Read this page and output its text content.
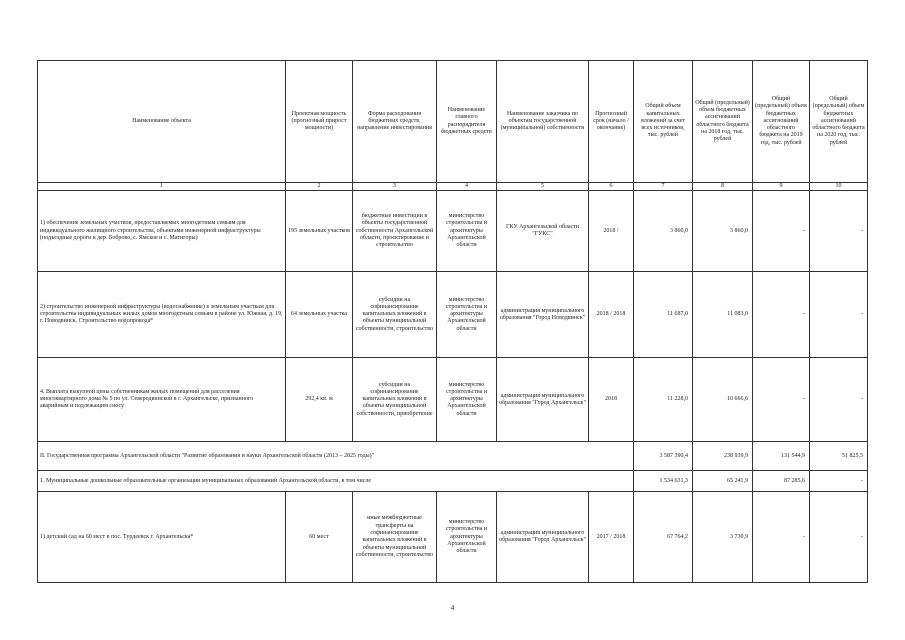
Наименование объекта	Проектная мощность (прогнозный прирост мощности)	Форма расходования бюджетных средств, направление инвестирования	Наименование главного распорядителя бюджетных средств	Наименование заказчика по объектам государственной (муниципальной) собственности	Прогнозный срок (начало / окончание)	Общий объем капитальных вложений за счет всех источников, тыс. рублей	Общий (предельный) объем бюджетных ассигнований областного бюджета на 2018 год, тыс. рублей	Общий (предельный) объем бюджетных ассигнований областного бюджета на 2019 год, тыс. рублей	Общий (предельный) объем бюджетных ассигнований областного бюджета на 2020 год, тыс. рублей
1	2	3	4	5	6	7	8	9	10
1) обеспечение земельных участков, предоставляемых многодетным семьям для индивидуального жилищного строительства, объектами инженерной инфраструктуры (подъездные дороги в дер. Боброво, с. Ямское и с. Матигоры)	195 земельных участков	бюджетные инвестиции в объекты государственной собственности Архангельской области, проектирование и строительство	министерство строительства и архитектуры Архангельской области	ГКУ Архангельской области "ГУКС"	2018 /	3 860,0	3 860,0	-	-
2) строительство инженерной инфраструктуры (водоснабжение) к земельным участкам для строительства индивидуальных жилых домов многодетным семьям в районе ул. Южная, д. 19, г. Новодвинск. Строительство водопровода*	64 земельных участка	субсидии на софинансирование капитальных вложений в объекты муниципальной собственности, строительство	министерство строительства и архитектуры Архангельской области	администрация муниципального образования "Город Новодвинск"	2018 / 2018	11 687,0	11 083,0	-	-
4. Выплата выкупной цены собственникам жилых помещений для расселения многоквартирного дома № 5 по ул. Северодвинской в г. Архангельске, признанного аварийным и подлежащим сносу	292,4 кв. м	субсидии на софинансирование капитальных вложений в объекты муниципальной собственности, приобретение	министерство строительства и архитектуры Архангельской области	администрация муниципального образования "Город Архангельск"	2018	11 228,0	10 666,6	-	-
II. Государственная программа Архангельской области "Развитие образования и науки Архангельской области (2013 – 2025 годы)"						3 587 390,4	238 939,9	131 544,9	51 825,5
1. Муниципальные дошкольные образовательные организации муниципальных образований Архангельской области, в том числе						1 534 631,3	65 241,9	87 285,6	-
1) детский сад на 60 мест в пос. Турдеевск г. Архангельска*	60 мест	иные межбюджетные трансферты на софинансирование капитальных вложений в объекты муниципальной собственности, строительство	министерство строительства и архитектуры Архангельской области	администрация муниципального образования "Город Архангельск"	2017 / 2018	67 764,2	3 730,9	-	-
4
